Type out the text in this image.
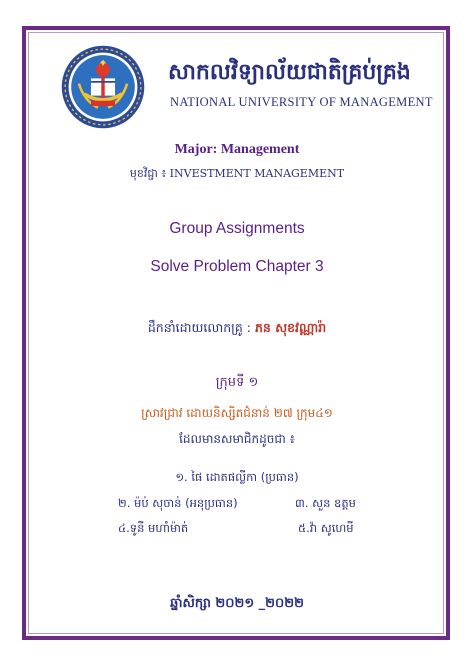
សាកលវិទ្យាល័យជាតិគ្រប់គ្រង
NATIONAL UNIVERSITY OF MANAGEMENT
Major: Management
មុខវិជ្ជា ៖ INVESTMENT MANAGEMENT
Group Assignments
Solve Problem Chapter 3
ដឹកនាំដោយលោកគ្រូ : ភន សុខវណ្ណារ៉ា
ក្រុមទី ១
ស្រាវជ្រាវ ដោយនិស្សិតជំនាន់ ២៧ ក្រុម៤១
ដែលមានសមាជិកដូចជា ៖
១. ផៃ ដោតផល្លីកា (ប្រធាន)
២. ម៉ប់ សុចាន់ (អនុប្រធាន)	៣. សួន ឧត្តម
៤.ទូនី មហាំម៉ាត់	៥.វ៉ា សូហេមី
ឆ្នាំសិក្សា ២០២១ _២០២២
